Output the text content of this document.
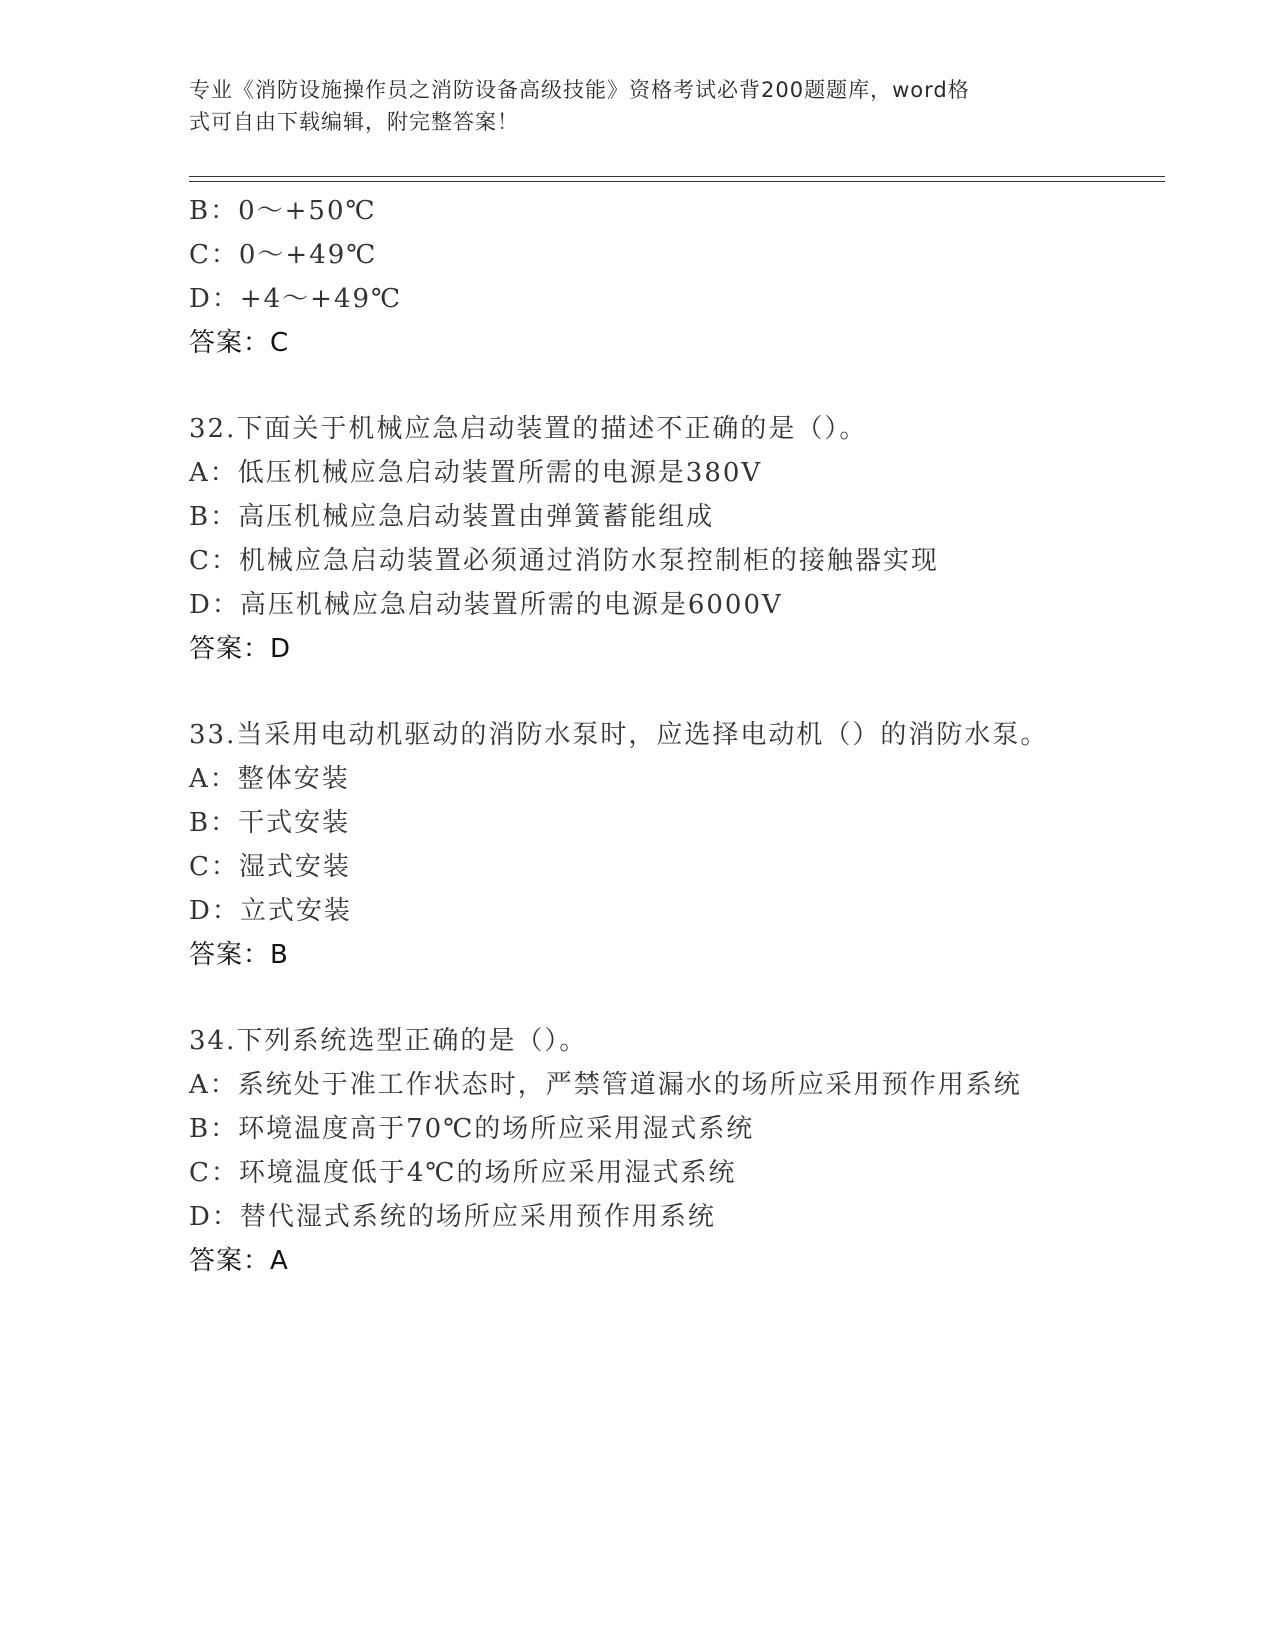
专业《消防设施操作员之消防设备高级技能》资格考试必背200题题库，word格
式可自由下载编辑，附完整答案！
B：0～+50℃
C：0～+49℃
D：+4～+49℃
答案：C
32.下面关于机械应急启动装置的描述不正确的是（）。
A：低压机械应急启动装置所需的电源是380V
B：高压机械应急启动装置由弹簧蓄能组成
C：机械应急启动装置必须通过消防水泵控制柜的接触器实现
D：高压机械应急启动装置所需的电源是6000V
答案：D
33.当采用电动机驱动的消防水泵时，应选择电动机（）的消防水泵。
A：整体安装
B：干式安装
C：湿式安装
D：立式安装
答案：B
34.下列系统选型正确的是（）。
A：系统处于准工作状态时，严禁管道漏水的场所应采用预作用系统
B：环境温度高于70℃的场所应采用湿式系统
C：环境温度低于4℃的场所应采用湿式系统
D：替代湿式系统的场所应采用预作用系统
答案：A
